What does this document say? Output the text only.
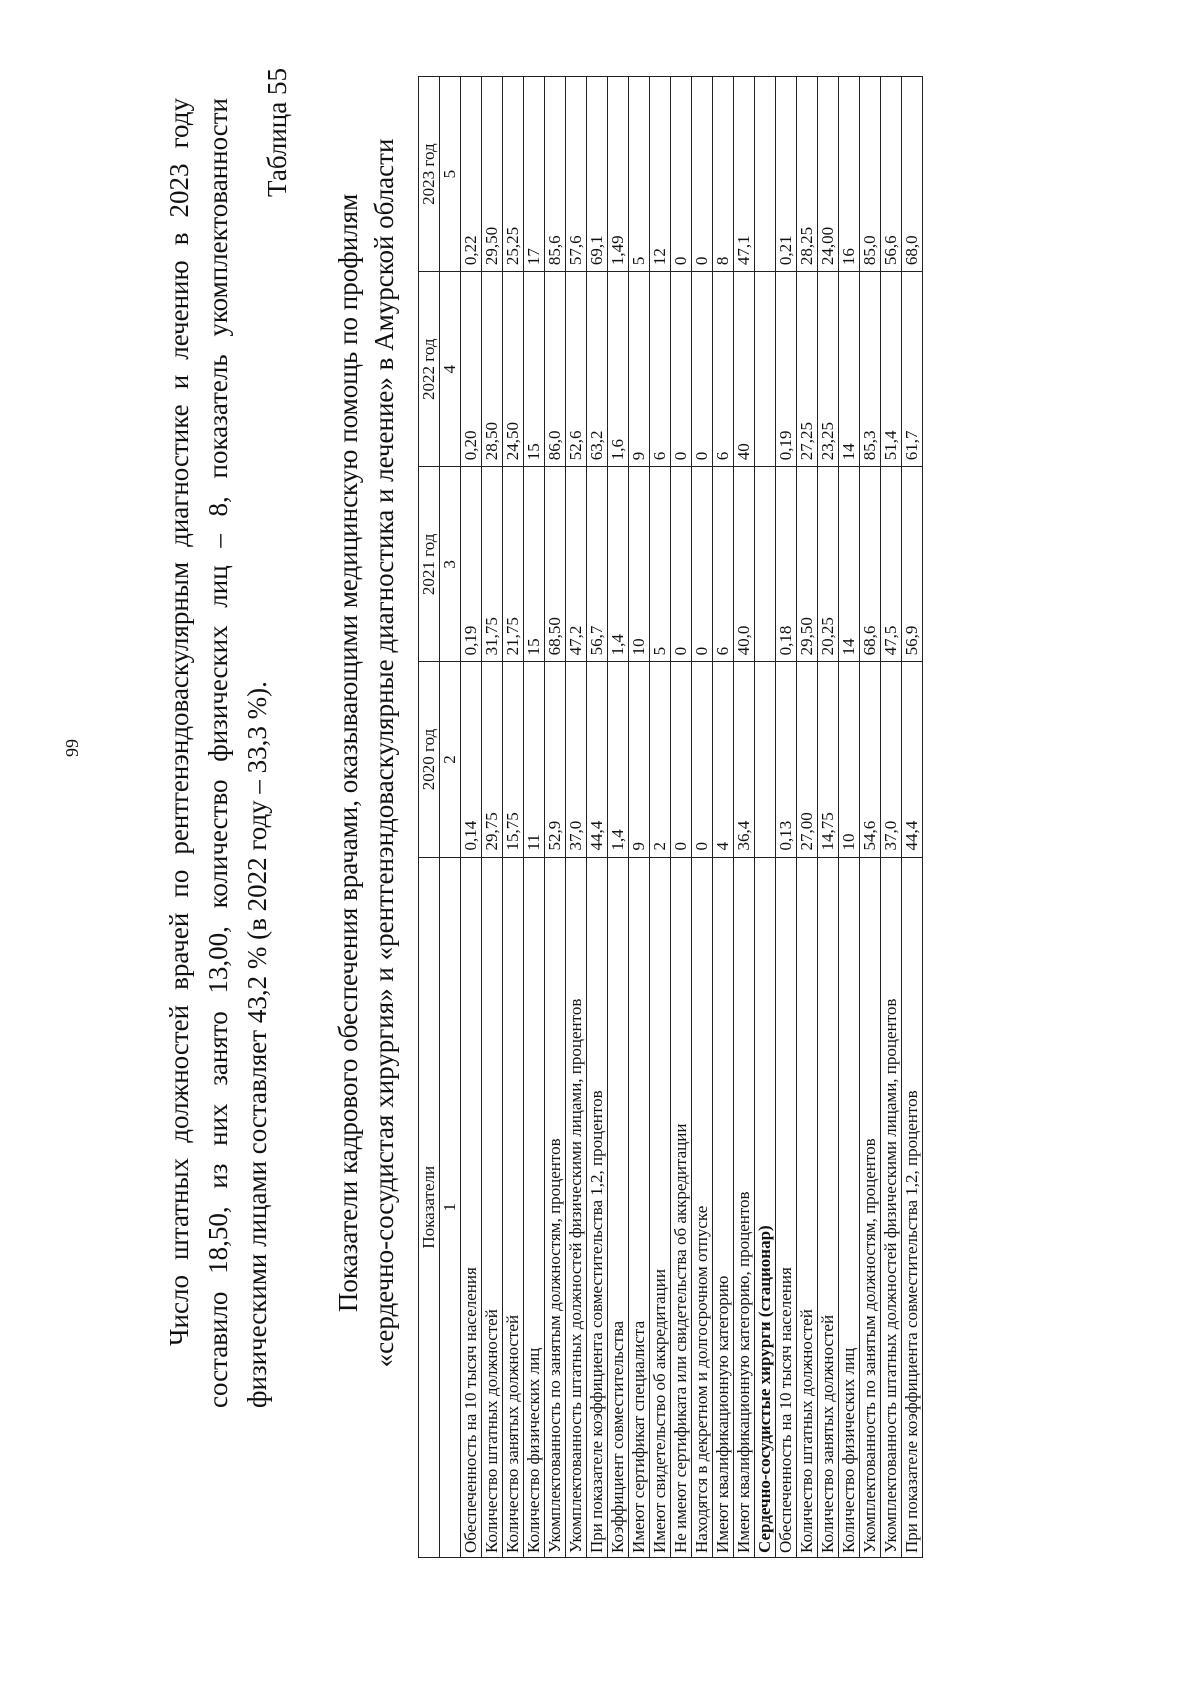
99	Число штатных должностей врачей по рентгенэндоваскулярным диагностике и лечению в 2023 году составило 18,50, из них занято 13,00, количество физических лиц – 8, показатель укомплектованности физическими лицами составляет 43,2 % (в 2022 году – 33,3 %).

Таблица 55
Показатели кадрового обеспечения врачами, оказывающими медицинскую помощь по профилям «сердечно-сосудистая хирургия» и «рентгенэндоваскулярные диагностика и лечение» в Амурской области Показатели	2020 год	2021 год	2022 год	2023 год
1	2	3	4	5
Обеспеченность на 10 тысяч населения	0,14	0,19	0,20	0,22
Количество штатных должностей	29,75	31,75	28,50	29,50
Количество занятых должностей	15,75	21,75	24,50	25,25
Количество физических лиц	11	15	15	17
Укомплектованность по занятым должностям, процентов	52,9	68,50	86,0	85,6
Укомплектованность штатных должностей физическими лицами, процентов	37,0	47,2	52,6	57,6
При показателе коэффициента совместительства 1,2, процентов	44,4	56,7	63,2	69,1
Коэффициент совместительства	1,4	1,4	1,6	1,49
Имеют сертификат специалиста	9	10	9	5
Имеют свидетельство об аккредитации	2	5	6	12
Не имеют сертификата или свидетельства об аккредитации	0	0	0	0
Находятся в декретном и долгосрочном отпуске	0	0	0	0
Имеют квалификационную категорию	4	6	6	8
Имеют квалификационную категорию, процентов	36,4	40,0	40	47,1
Сердечно-сосудистые хирурги (стационар)				
Обеспеченность на 10 тысяч населения	0,13	0,18	0,19	0,21
Количество штатных должностей	27,00	29,50	27,25	28,25
Количество занятых должностей	14,75	20,25	23,25	24,00
Количество физических лиц	10	14	14	16
Укомплектованность по занятым должностям, процентов	54,6	68,6	85,3	85,0
Укомплектованность штатных должностей физическими лицами, процентов	37,0	47,5	51,4	56,6
При показателе коэффициента совместительства 1,2, процентов	44,4	56,9	61,7	68,0
